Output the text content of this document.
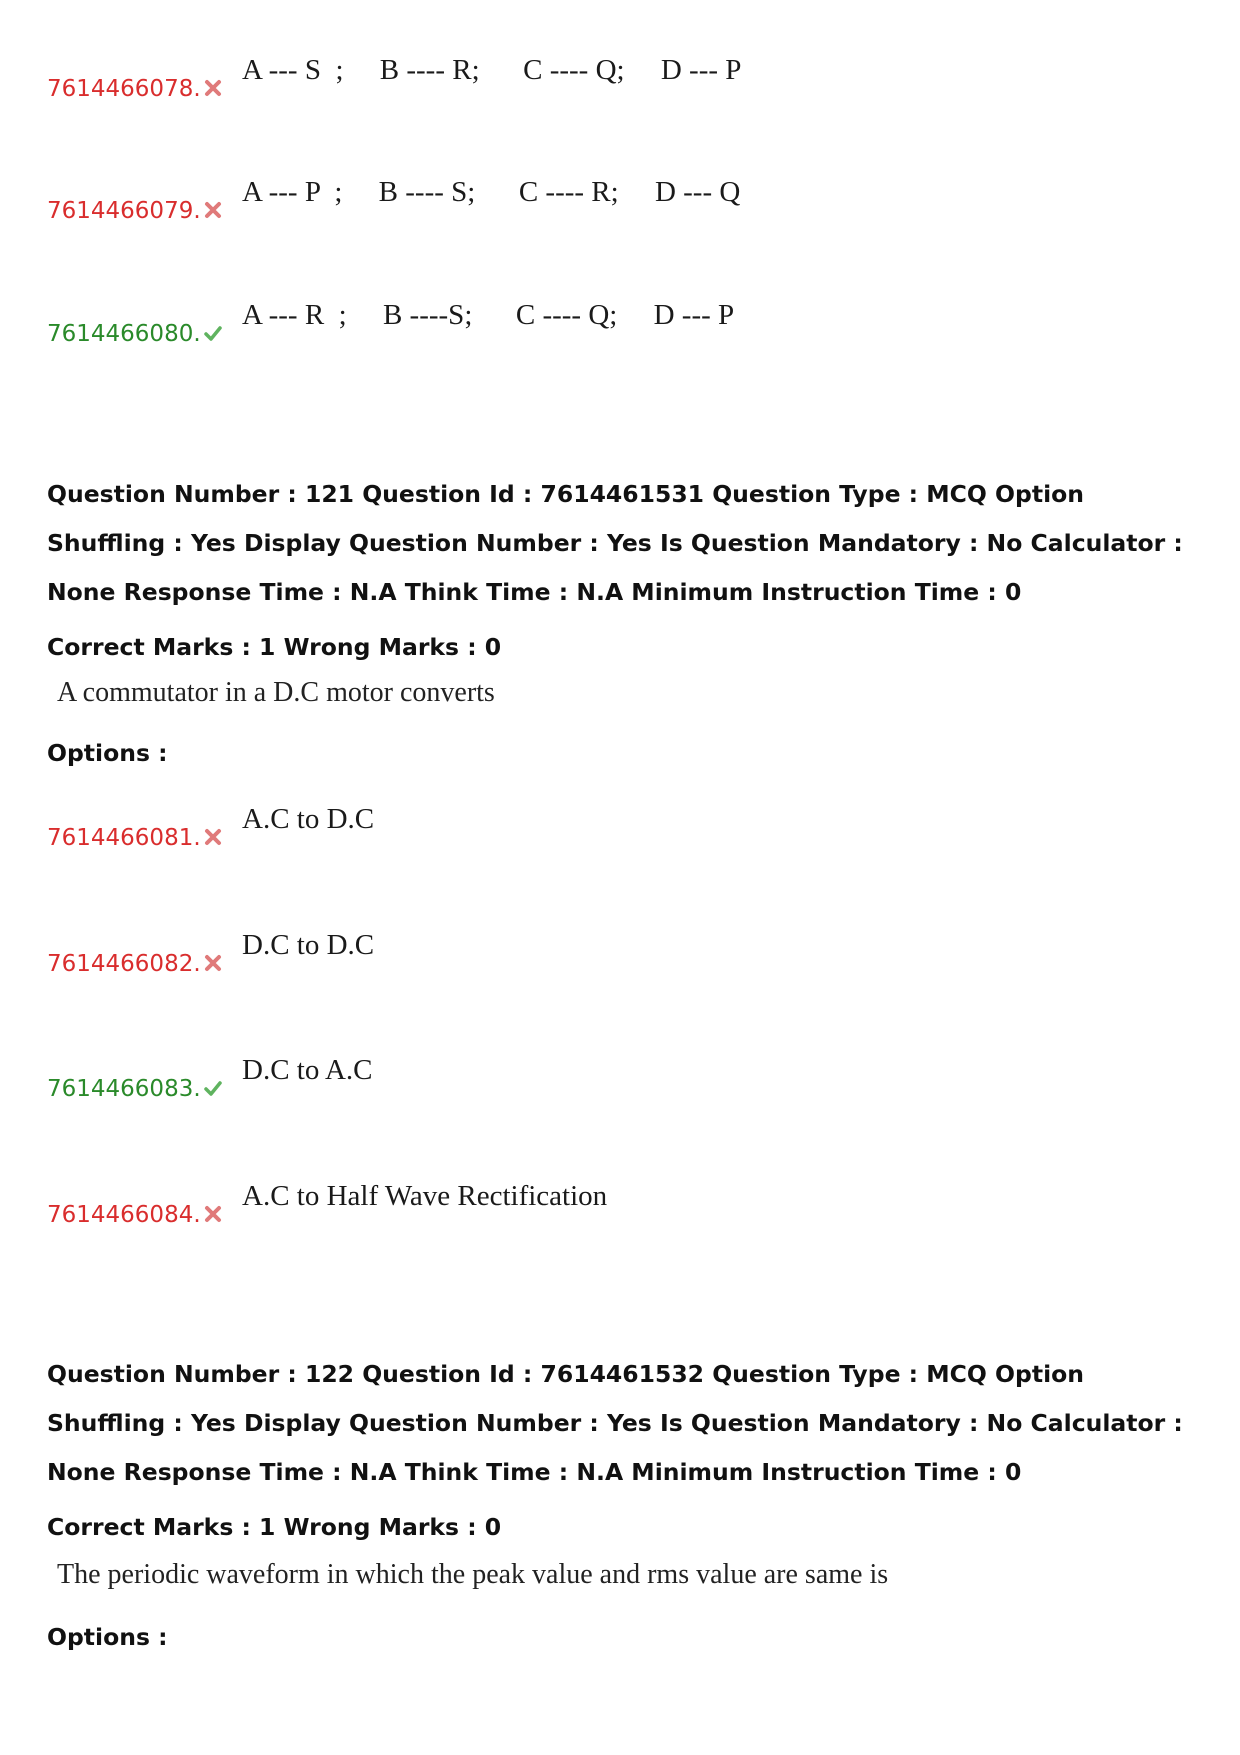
7614466078.
A --- S  ;     B ---- R;      C ---- Q;     D --- P
7614466079.
A --- P  ;     B ---- S;      C ---- R;     D --- Q
7614466080.
A --- R  ;     B ----S;      C ---- Q;     D --- P
Question Number : 121 Question Id : 7614461531 Question Type : MCQ Option Shuffling : Yes Display Question Number : Yes Is Question Mandatory : No Calculator : None Response Time : N.A Think Time : N.A Minimum Instruction Time : 0
Correct Marks : 1 Wrong Marks : 0
A commutator in a D.C motor converts
Options :
7614466081.
A.C to D.C
7614466082.
D.C to D.C
7614466083.
D.C to A.C
7614466084.
A.C to Half Wave Rectification
Question Number : 122 Question Id : 7614461532 Question Type : MCQ Option Shuffling : Yes Display Question Number : Yes Is Question Mandatory : No Calculator : None Response Time : N.A Think Time : N.A Minimum Instruction Time : 0
Correct Marks : 1 Wrong Marks : 0
The periodic waveform in which the peak value and rms value are same is
Options :
